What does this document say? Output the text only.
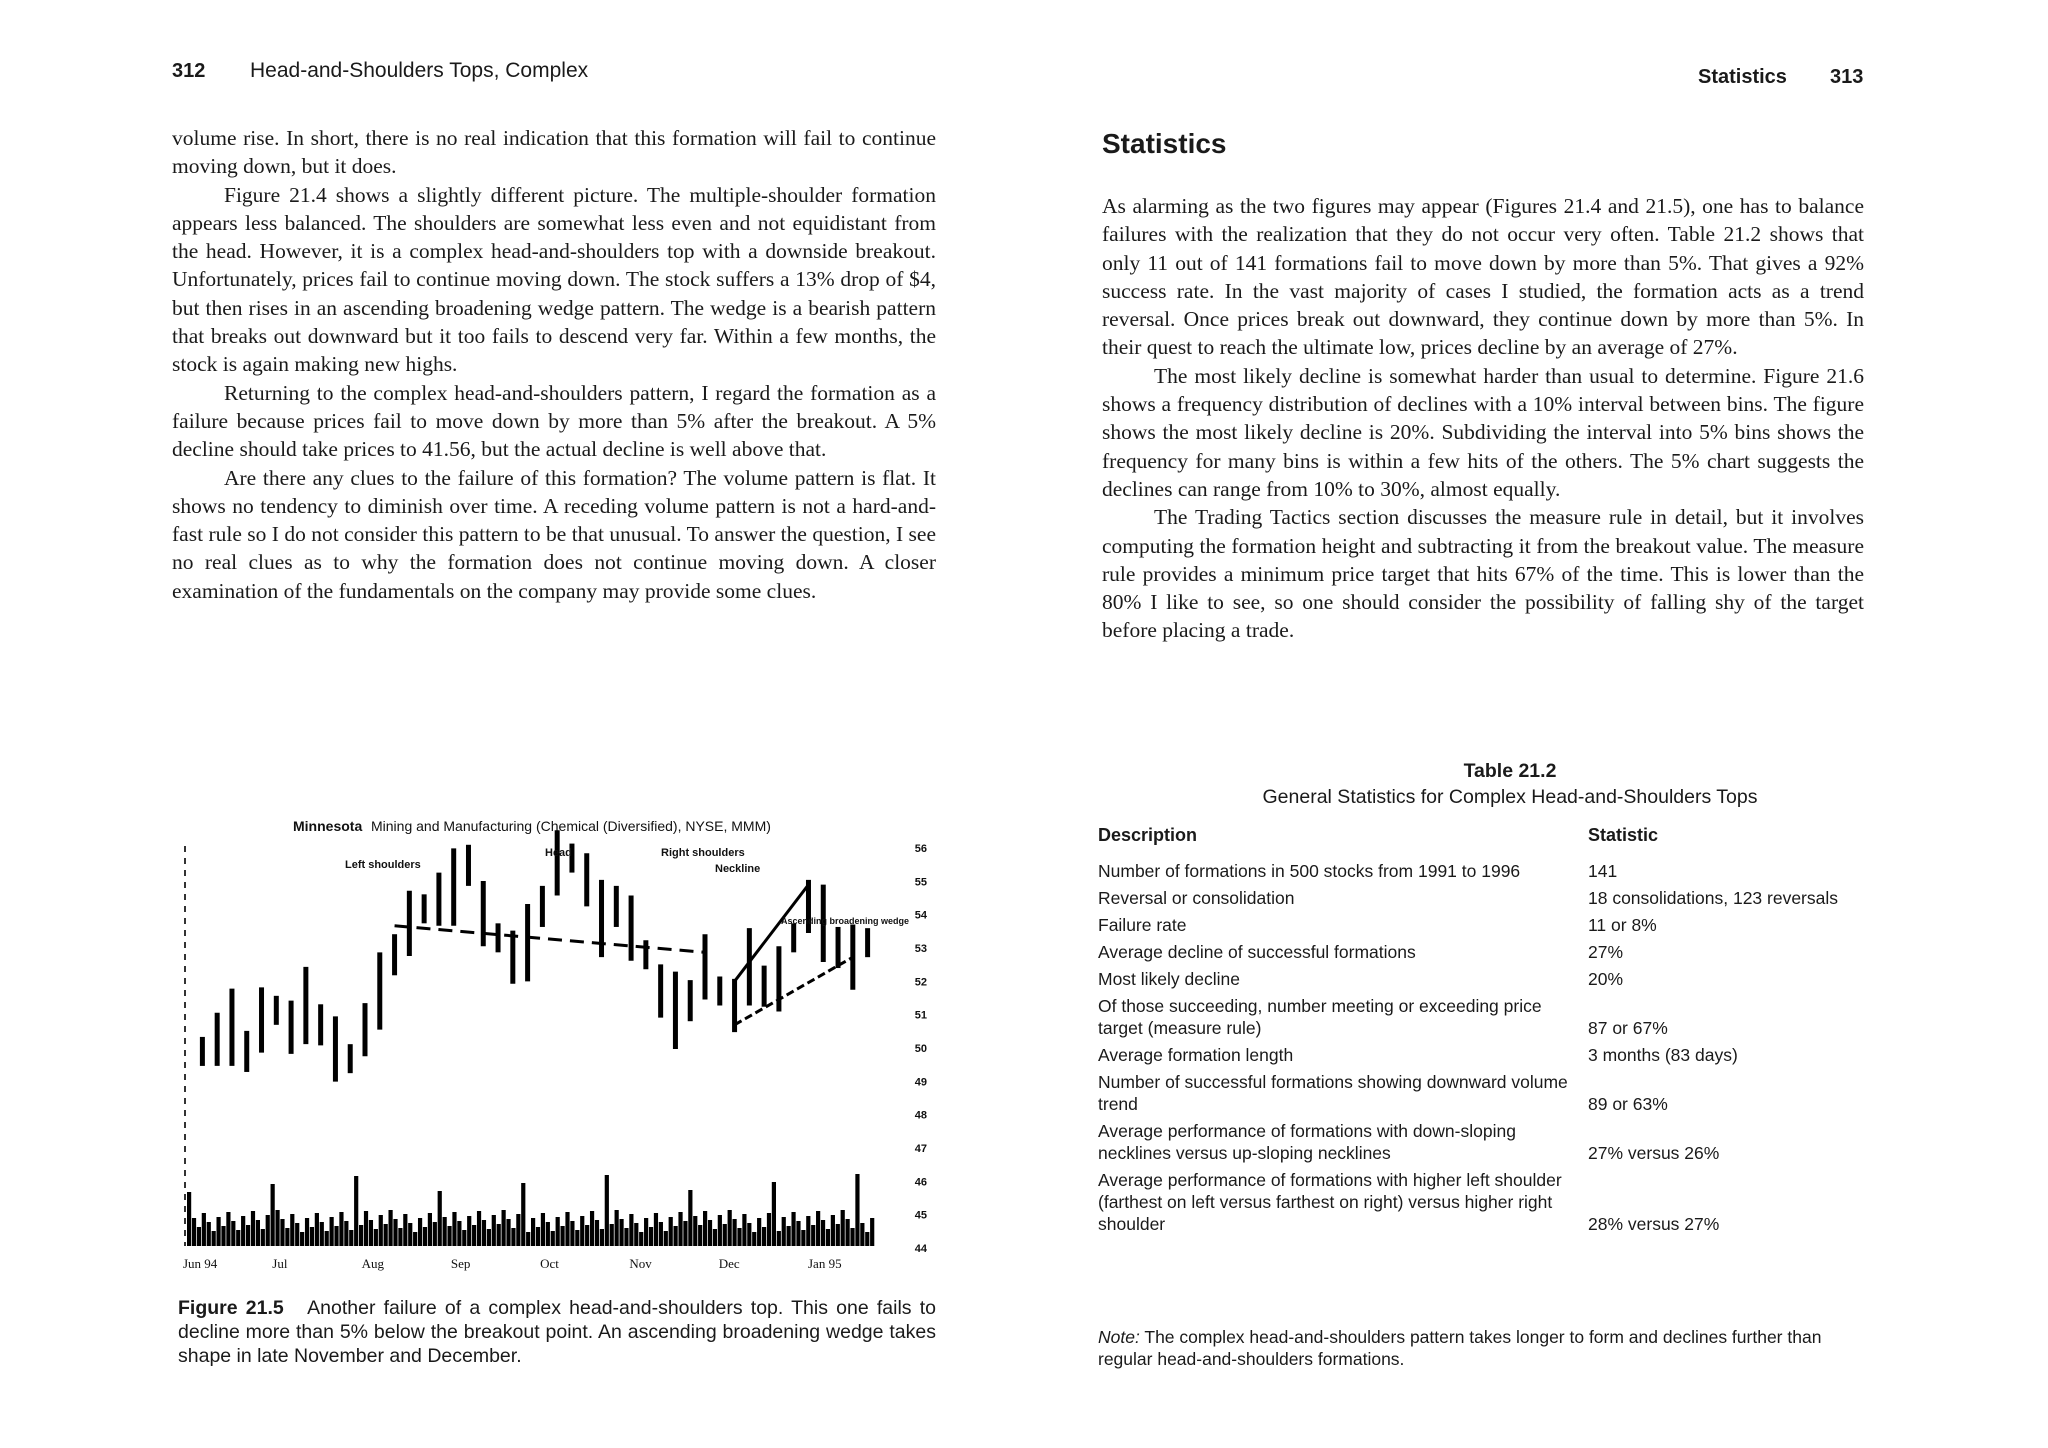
312 Head-and-Shoulders Tops, Complex

volume rise. In short, there is no real indication that this formation will fail to continue moving down, but it does.

Figure 21.4 shows a slightly different picture. The multiple-shoulder formation appears less balanced. The shoulders are somewhat less even and not equidistant from the head. However, it is a complex head-and-shoulders top with a downside breakout. Unfortunately, prices fail to continue moving down. The stock suffers a 13% drop of $4, but then rises in an ascending broadening wedge pattern. The wedge is a bearish pattern that breaks out downward but it too fails to descend very far. Within a few months, the stock is again making new highs.

Returning to the complex head-and-shoulders pattern, I regard the formation as a failure because prices fail to move down by more than 5% after the breakout. A 5% decline should take prices to 41.56, but the actual decline is well above that.

Are there any clues to the failure of this formation? The volume pattern is flat. It shows no tendency to diminish over time. A receding volume pattern is not a hard-and-fast rule so I do not consider this pattern to be that unusual. To answer the question, I see no real clues as to why the formation does not continue moving down. A closer examination of the fundamentals on the company may provide some clues.

Minnesota Mining and Manufacturing (Chemical (Diversified), NYSE, MMM)
56
55
54
53
52
51
50
49
48
47
46
45
44
Left shoulders
Head	Right shoulders
Neckline
Ascending broadening wedge
Jun 94	Jul	Aug	Sep	Oct	Nov	Dec	Jan 95
Figure 21.5 Another failure of a complex head-and-shoulders top. This one fails to decline more than 5% below the breakout point. An ascending broadening wedge takes shape in late November and December.
Statistics 313
Statistics

As alarming as the two figures may appear (Figures 21.4 and 21.5), one has to balance failures with the realization that they do not occur very often. Table 21.2 shows that only 11 out of 141 formations fail to move down by more than 5%. That gives a 92% success rate. In the vast majority of cases I studied, the formation acts as a trend reversal. Once prices break out downward, they continue down by more than 5%. In their quest to reach the ultimate low, prices decline by an average of 27%.

The most likely decline is somewhat harder than usual to determine. Figure 21.6 shows a frequency distribution of declines with a 10% interval between bins. The figure shows the most likely decline is 20%. Subdividing the interval into 5% bins shows the frequency for many bins is within a few hits of the others. The 5% chart suggests the declines can range from 10% to 30%, almost equally.

The Trading Tactics section discusses the measure rule in detail, but it involves computing the formation height and subtracting it from the breakout value. The measure rule provides a minimum price target that hits 67% of the time. This is lower than the 80% I like to see, so one should consider the possibility of falling shy of the target before placing a trade.

Table 21.2
General Statistics for Complex Head-and-Shoulders Tops
Description	Statistic
Number of formations in 500 stocks from 1991 to 1996	141
Reversal or consolidation	18 consolidations, 123 reversals
Failure rate	11 or 8%
Average decline of successful formations	27%
Most likely decline	20%
Of those succeeding, number meeting or exceeding price target (measure rule)	87 or 67%
Average formation length	3 months (83 days)
Number of successful formations showing downward volume trend	89 or 63%
Average performance of formations with down-sloping necklines versus up-sloping necklines	27% versus 26%
Average performance of formations with higher left shoulder (farthest on left versus farthest on right) versus higher right shoulder	28% versus 27%
Note: The complex head-and-shoulders pattern takes longer to form and declines further than regular head-and-shoulders formations.
